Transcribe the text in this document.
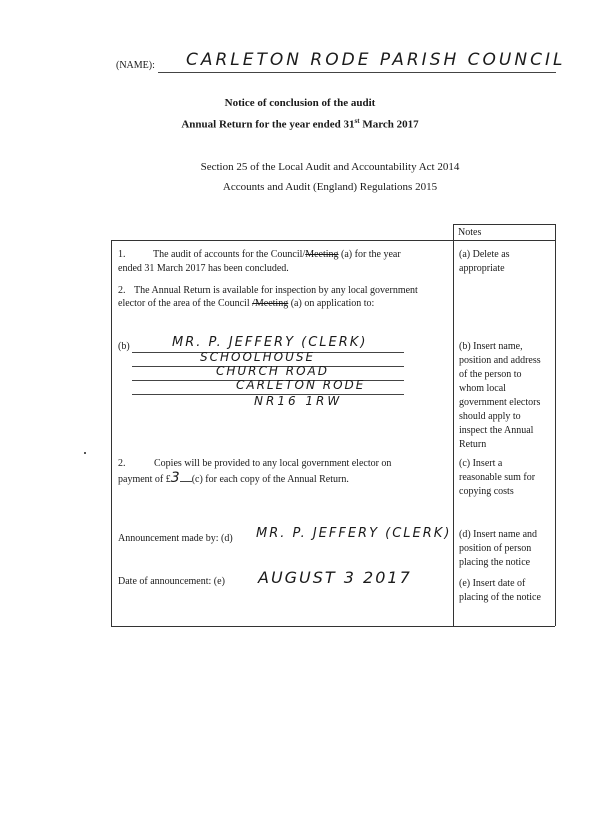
(NAME): CARLETON RODE PARISH COUNCIL
Notice of conclusion of the audit
Annual Return for the year ended 31st March 2017
Section 25 of the Local Audit and Accountability Act 2014
Accounts and Audit (England) Regulations 2015
Notes
1.	The audit of accounts for the Council/Meeting (a) for the year
ended 31 March 2017 has been concluded.
2. The Annual Return is available for inspection by any local government
elector of the area of the Council /Meeting (a) on application to:
(b)	MR. P. JEFFERY (CLERK)
SCHOOLHOUSE
CHURCH ROAD
CARLETON RODE
NR16 1RW
2.	Copies will be provided to any local government elector on
payment of £3 (c) for each copy of the Annual Return.
Announcement made by: (d) MR. P. JEFFERY (CLERK)
Date of announcement: (e) AUGUST 3 2017
(a) Delete as
appropriate
(b) Insert name,
position and address
of the person to
whom local
government electors
should apply to
inspect the Annual
Return
(c) Insert a
reasonable sum for
copying costs
(d) Insert name and
position of person
placing the notice
(e) Insert date of
placing of the notice
